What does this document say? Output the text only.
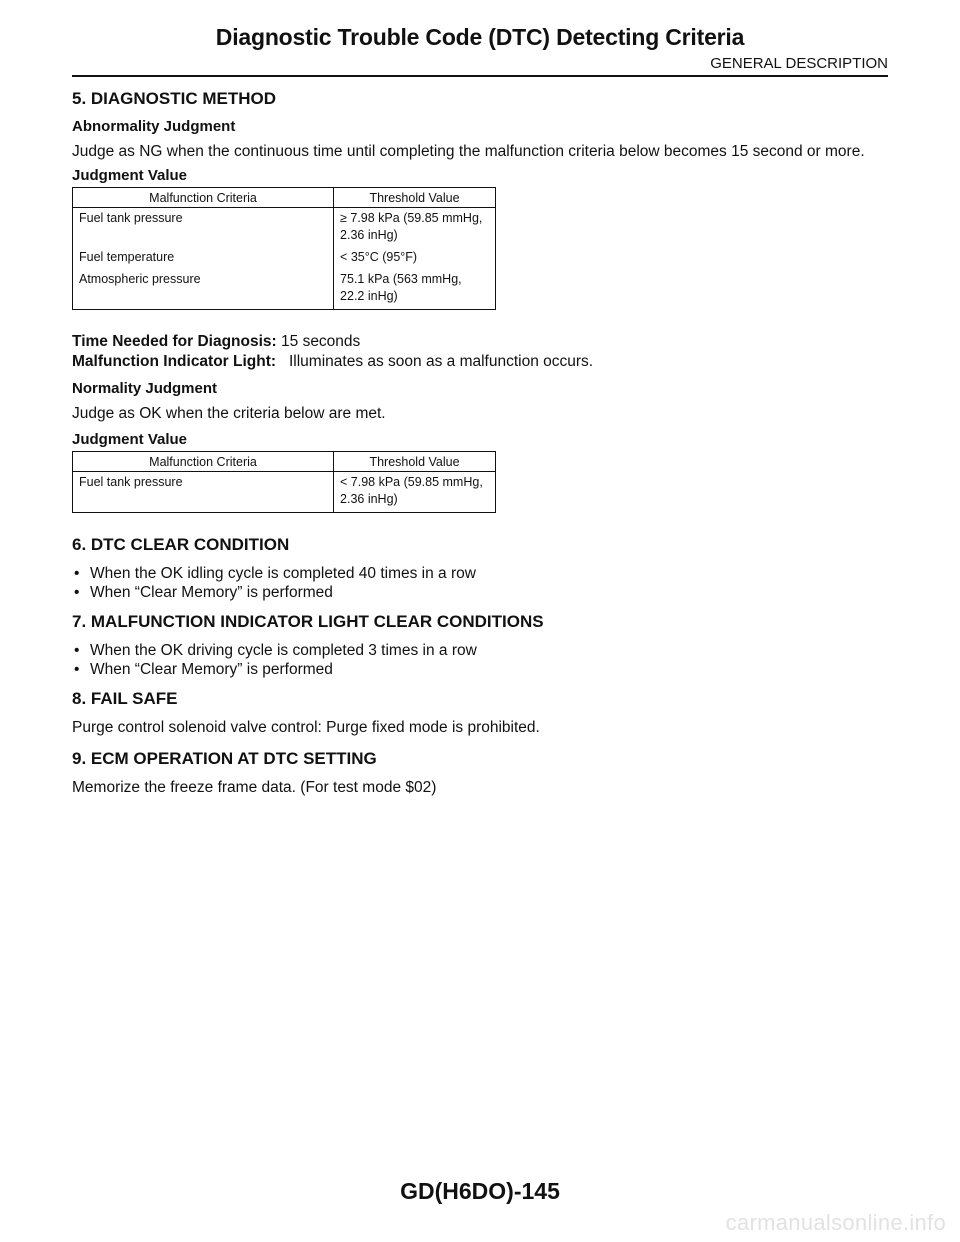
Diagnostic Trouble Code (DTC) Detecting Criteria
GENERAL DESCRIPTION
5. DIAGNOSTIC METHOD
Abnormality Judgment

Judge as NG when the continuous time until completing the malfunction criteria below becomes 15 second or more.

Judgment Value
Malfunction Criteria	Threshold Value
Fuel tank pressure	≥ 7.98 kPa (59.85 mmHg, 2.36 inHg)
Fuel temperature	< 35°C (95°F)
Atmospheric pressure	75.1 kPa (563 mmHg, 22.2 inHg)
Time Needed for Diagnosis: 15 seconds
Malfunction Indicator Light: Illuminates as soon as a malfunction occurs.
Normality Judgment

Judge as OK when the criteria below are met.

Judgment Value
Malfunction Criteria	Threshold Value
Fuel tank pressure	< 7.98 kPa (59.85 mmHg, 2.36 inHg)
6. DTC CLEAR CONDITION
• When the OK idling cycle is completed 40 times in a row
• When “Clear Memory” is performed
7. MALFUNCTION INDICATOR LIGHT CLEAR CONDITIONS
• When the OK driving cycle is completed 3 times in a row
• When “Clear Memory” is performed
8. FAIL SAFE

Purge control solenoid valve control: Purge fixed mode is prohibited.

9. ECM OPERATION AT DTC SETTING

Memorize the freeze frame data. (For test mode $02)

GD(H6DO)-145
carmanualsonline.info
